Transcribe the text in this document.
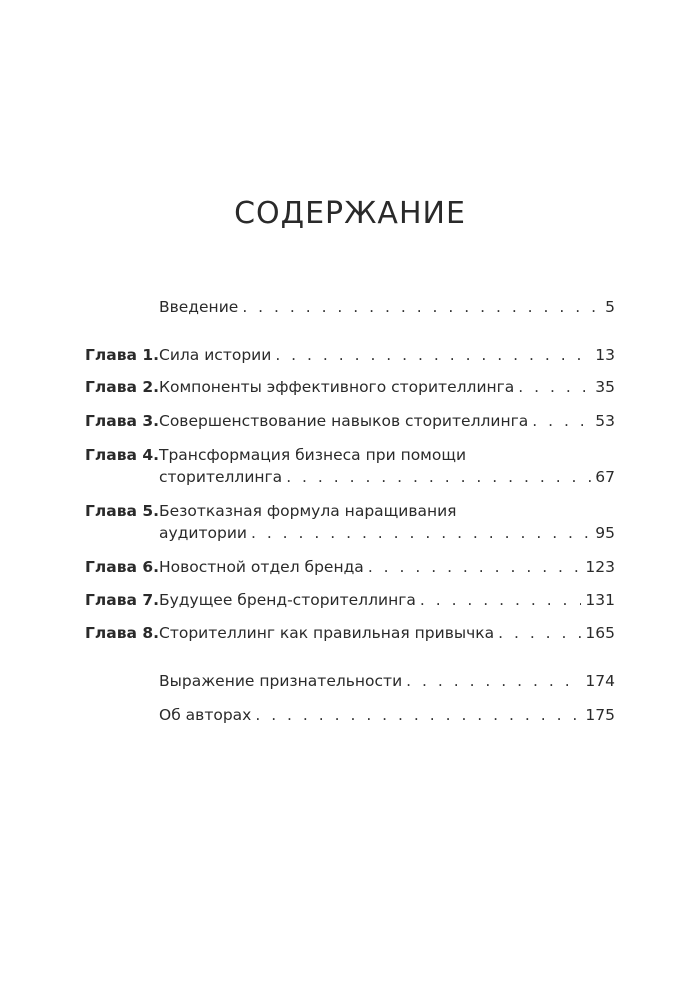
СОДЕРЖАНИЕ
Введение . . .	5
Глава 1. Сила истории . . .	13
Глава 2. Компоненты эффективного сторителлинга . . .	35
Глава 3. Совершенствование навыков сторителлинга . . .	53
Глава 4. Трансформация бизнеса при помощи
сторителлинга . . .	67
Глава 5. Безотказная формула наращивания
аудитории . . .	95
Глава 6. Новостной отдел бренда . . .	123
Глава 7. Будущее бренд-сторителлинга . . .	131
Глава 8. Сторителлинг как правильная привычка . . .	165
Выражение признательности . . .	174
Об авторах . . .	175
